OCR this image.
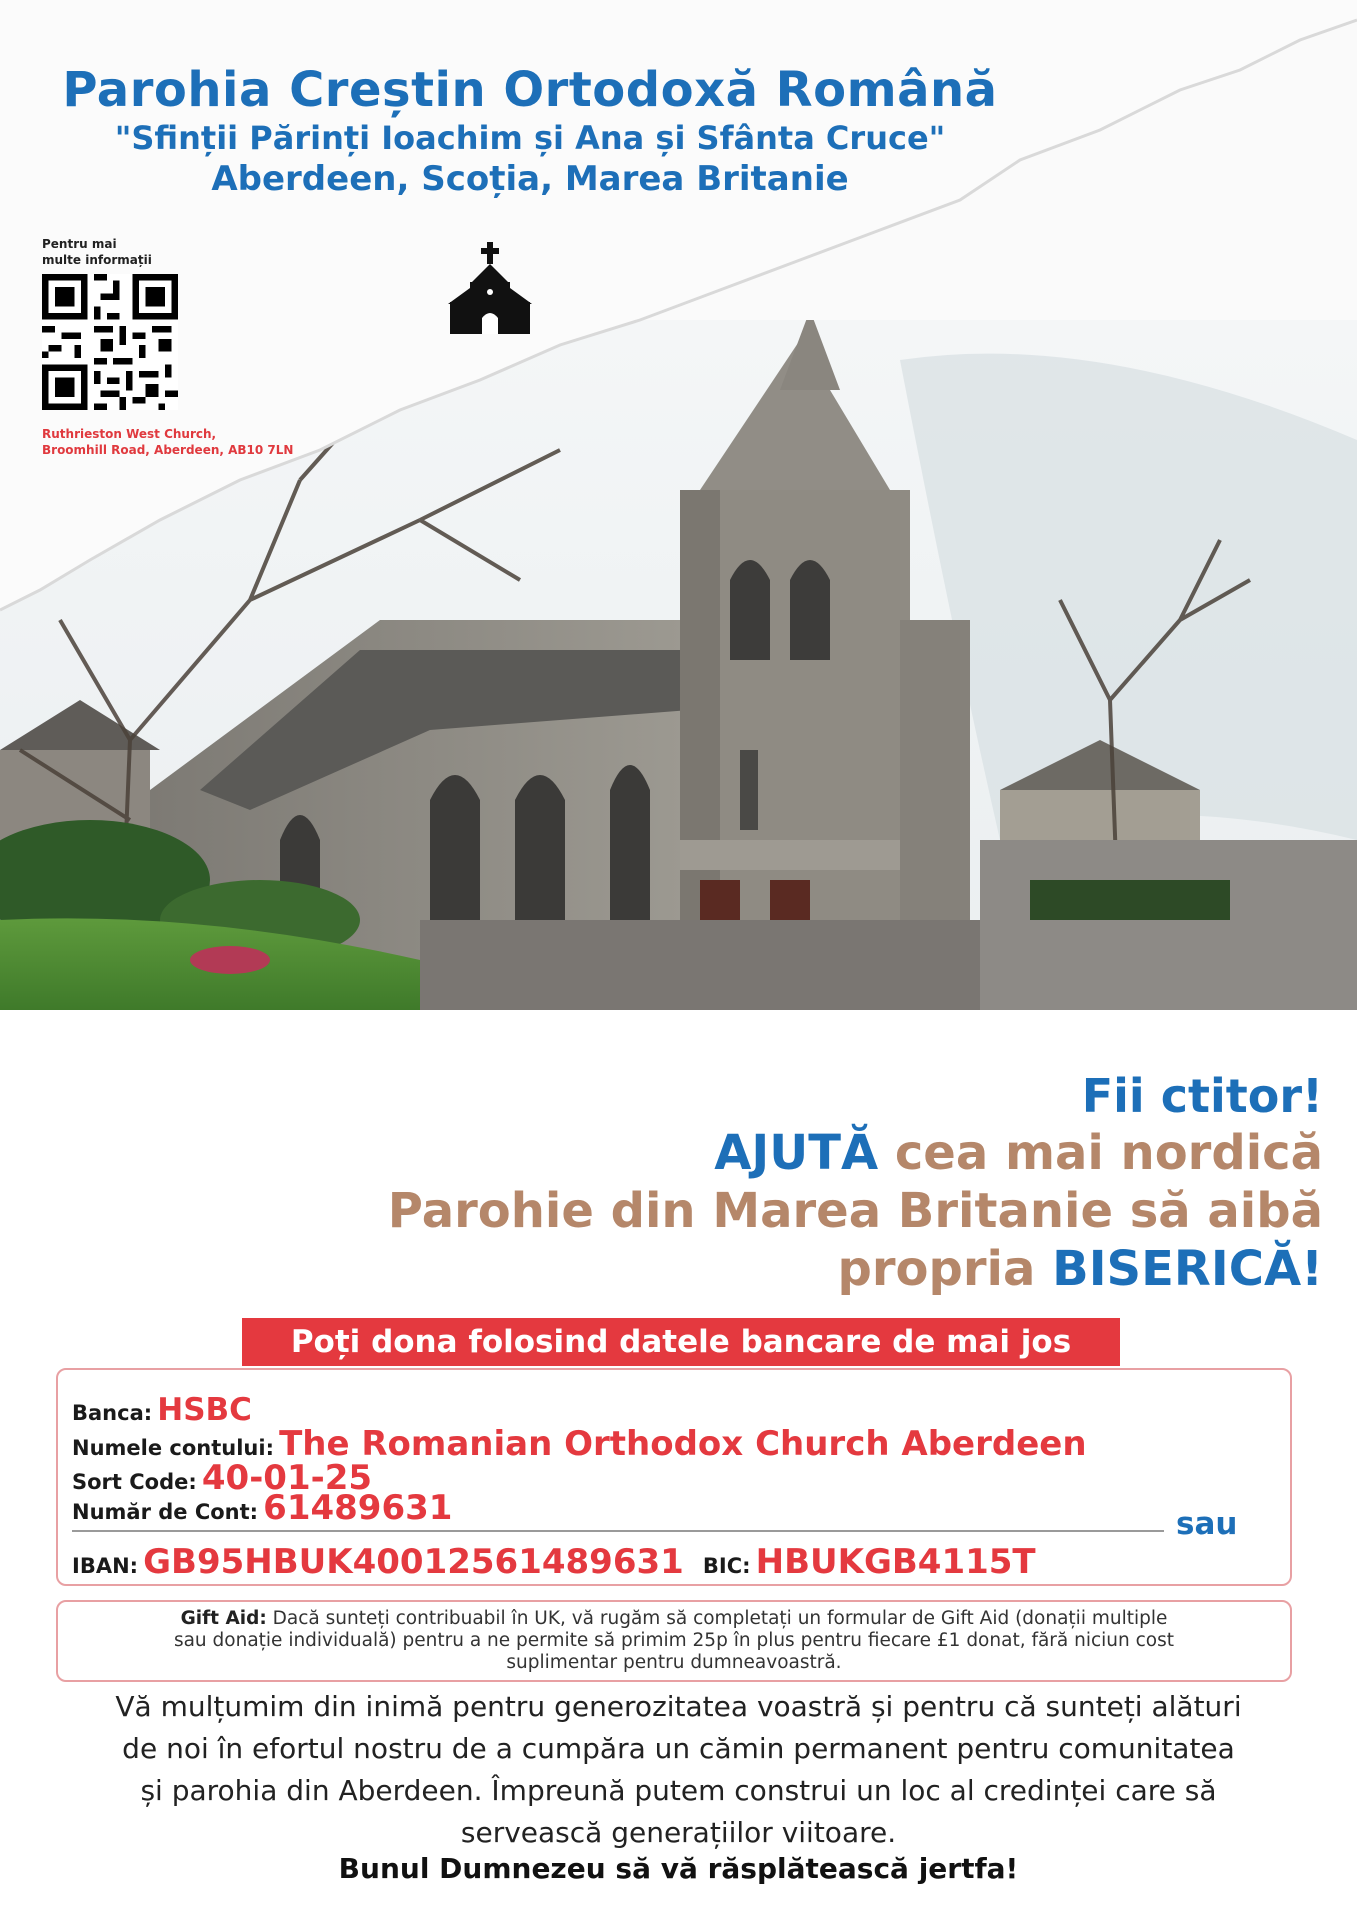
Parohia Creștin Ortodoxă Română
"Sfinții Părinți Ioachim și Ana și Sfânta Cruce"
Aberdeen, Scoția, Marea Britanie
Pentru mai
multe informații
Ruthrieston West Church,
Broomhill Road, Aberdeen, AB10 7LN
Fii ctitor!
AJUTĂ cea mai nordică
Parohie din Marea Britanie să aibă
propria BISERICĂ!
Poți dona folosind datele bancare de mai jos
Banca: HSBC
Numele contului: The Romanian Orthodox Church Aberdeen
Sort Code: 40-01-25
Număr de Cont: 61489631	sau
IBAN: GB95HBUK40012561489631 BIC: HBUKGB4115T
Gift Aid: Dacă sunteți contribuabil în UK, vă rugăm să completați un formular de Gift Aid (donații multiple
sau donație individuală) pentru a ne permite să primim 25p în plus pentru fiecare £1 donat, fără niciun cost
suplimentar pentru dumneavoastră.
Vă mulțumim din inimă pentru generozitatea voastră și pentru că sunteți alături
de noi în efortul nostru de a cumpăra un cămin permanent pentru comunitatea
și parohia din Aberdeen. Împreună putem construi un loc al credinței care să
servească generațiilor viitoare.
Bunul Dumnezeu să vă răsplătească jertfa!
